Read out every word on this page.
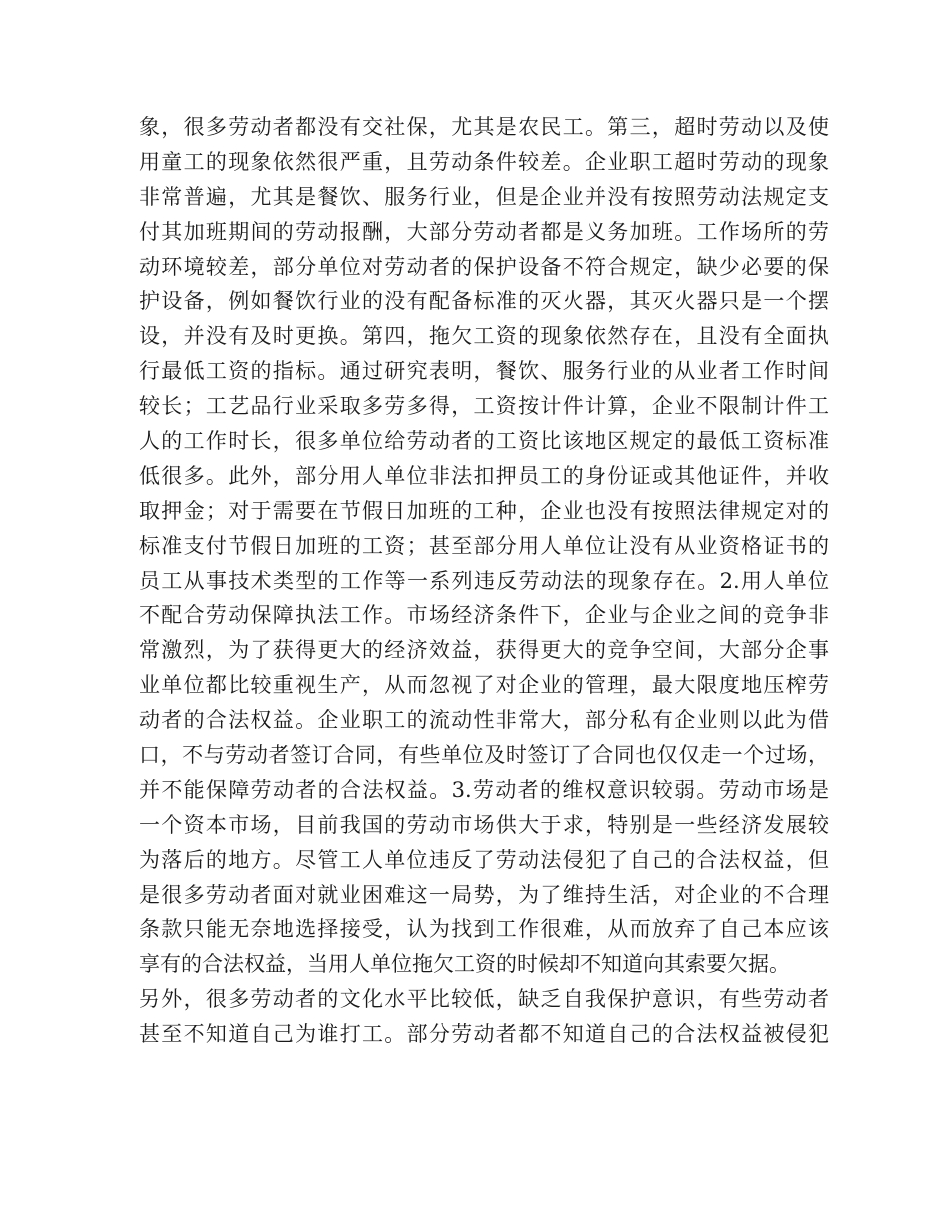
象，很多劳动者都没有交社保，尤其是农民工。第三，超时劳动以及使
用童工的现象依然很严重，且劳动条件较差。企业职工超时劳动的现象
非常普遍，尤其是餐饮、服务行业，但是企业并没有按照劳动法规定支
付其加班期间的劳动报酬，大部分劳动者都是义务加班。工作场所的劳
动环境较差，部分单位对劳动者的保护设备不符合规定，缺少必要的保
护设备，例如餐饮行业的没有配备标准的灭火器，其灭火器只是一个摆
设，并没有及时更换。第四，拖欠工资的现象依然存在，且没有全面执
行最低工资的指标。通过研究表明，餐饮、服务行业的从业者工作时间
较长；工艺品行业采取多劳多得，工资按计件计算，企业不限制计件工
人的工作时长，很多单位给劳动者的工资比该地区规定的最低工资标准
低很多。此外，部分用人单位非法扣押员工的身份证或其他证件，并收
取押金；对于需要在节假日加班的工种，企业也没有按照法律规定对的
标准支付节假日加班的工资；甚至部分用人单位让没有从业资格证书的
员工从事技术类型的工作等一系列违反劳动法的现象存在。2.用人单位
不配合劳动保障执法工作。市场经济条件下，企业与企业之间的竞争非
常激烈，为了获得更大的经济效益，获得更大的竞争空间，大部分企事
业单位都比较重视生产，从而忽视了对企业的管理，最大限度地压榨劳
动者的合法权益。企业职工的流动性非常大，部分私有企业则以此为借
口，不与劳动者签订合同，有些单位及时签订了合同也仅仅走一个过场，
并不能保障劳动者的合法权益。3.劳动者的维权意识较弱。劳动市场是
一个资本市场，目前我国的劳动市场供大于求，特别是一些经济发展较
为落后的地方。尽管工人单位违反了劳动法侵犯了自己的合法权益，但
是很多劳动者面对就业困难这一局势，为了维持生活，对企业的不合理
条款只能无奈地选择接受，认为找到工作很难，从而放弃了自己本应该
享有的合法权益，当用人单位拖欠工资的时候却不知道向其索要欠据。
另外，很多劳动者的文化水平比较低，缺乏自我保护意识，有些劳动者
甚至不知道自己为谁打工。部分劳动者都不知道自己的合法权益被侵犯
